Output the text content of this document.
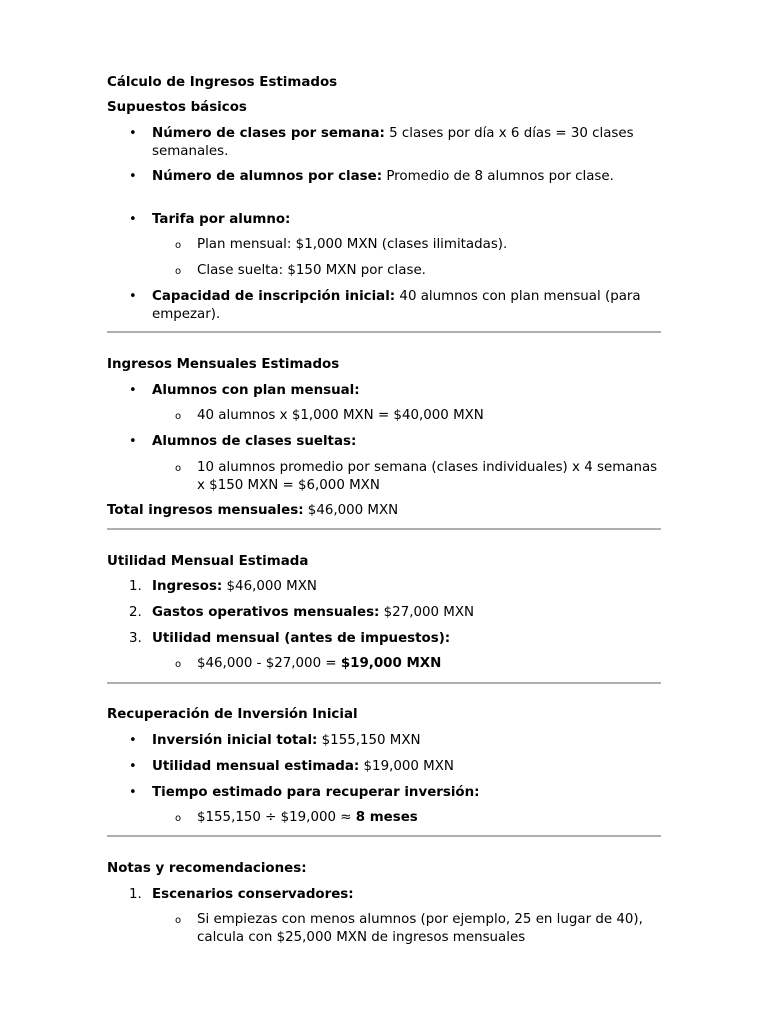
Cálculo de Ingresos Estimados
Supuestos básicos
• Número de clases por semana: 5 clases por día x 6 días = 30 clases semanales.
• Número de alumnos por clase: Promedio de 8 alumnos por clase.
• Tarifa por alumno:
o Plan mensual: $1,000 MXN (clases ilimitadas).
o Clase suelta: $150 MXN por clase.
• Capacidad de inscripción inicial: 40 alumnos con plan mensual (para empezar).
Ingresos Mensuales Estimados
• Alumnos con plan mensual:
o 40 alumnos x $1,000 MXN = $40,000 MXN
• Alumnos de clases sueltas:
o 10 alumnos promedio por semana (clases individuales) x 4 semanas x $150 MXN = $6,000 MXN
Total ingresos mensuales: $46,000 MXN
Utilidad Mensual Estimada
1. Ingresos: $46,000 MXN
2. Gastos operativos mensuales: $27,000 MXN
3. Utilidad mensual (antes de impuestos):
o $46,000 - $27,000 = $19,000 MXN
Recuperación de Inversión Inicial
• Inversión inicial total: $155,150 MXN
• Utilidad mensual estimada: $19,000 MXN
• Tiempo estimado para recuperar inversión:
o $155,150 ÷ $19,000 ≈ 8 meses
Notas y recomendaciones:
1. Escenarios conservadores:
o Si empiezas con menos alumnos (por ejemplo, 25 en lugar de 40), calcula con $25,000 MXN de ingresos mensuales
